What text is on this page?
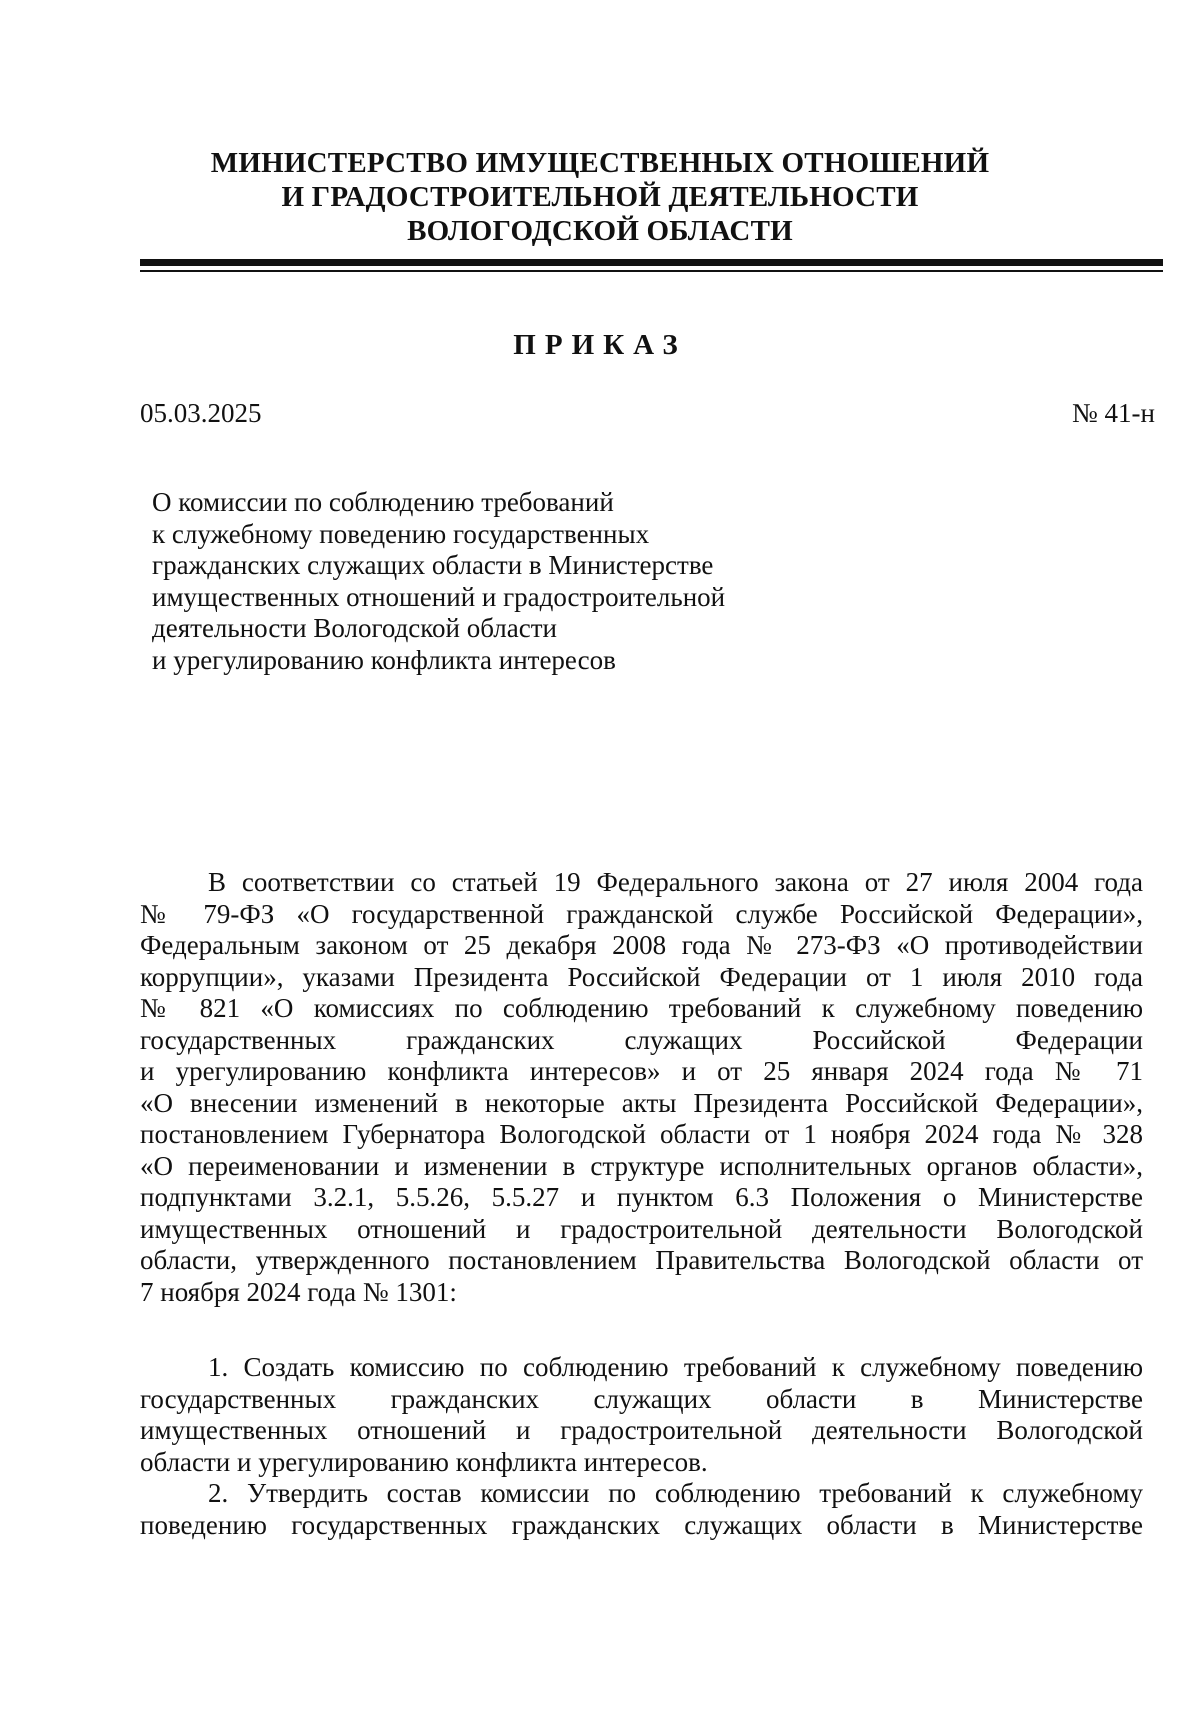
МИНИСТЕРСТВО ИМУЩЕСТВЕННЫХ ОТНОШЕНИЙ
И ГРАДОСТРОИТЕЛЬНОЙ ДЕЯТЕЛЬНОСТИ
ВОЛОГОДСКОЙ ОБЛАСТИ
ПРИКАЗ
05.03.2025	№ 41-н
О комиссии по соблюдению требований
к служебному поведению государственных
гражданских служащих области в Министерстве
имущественных отношений и градостроительной
деятельности Вологодской области
и урегулированию конфликта интересов
В соответствии со статьей 19 Федерального закона от 27 июля 2004 года
№ 79-ФЗ «О государственной гражданской службе Российской Федерации»,
Федеральным законом от 25 декабря 2008 года № 273-ФЗ «О противодействии
коррупции», указами Президента Российской Федерации от 1 июля 2010 года
№ 821 «О комиссиях по соблюдению требований к служебному поведению
государственных гражданских служащих Российской Федерации
и урегулированию конфликта интересов» и от 25 января 2024 года № 71
«О внесении изменений в некоторые акты Президента Российской Федерации»,
постановлением Губернатора Вологодской области от 1 ноября 2024 года № 328
«О переименовании и изменении в структуре исполнительных органов области»,
подпунктами 3.2.1, 5.5.26, 5.5.27 и пунктом 6.3 Положения о Министерстве
имущественных отношений и градостроительной деятельности Вологодской
области, утвержденного постановлением Правительства Вологодской области от
7 ноября 2024 года № 1301:
1. Создать комиссию по соблюдению требований к служебному поведению
государственных гражданских служащих области в Министерстве
имущественных отношений и градостроительной деятельности Вологодской
области и урегулированию конфликта интересов.
2. Утвердить состав комиссии по соблюдению требований к служебному
поведению государственных гражданских служащих области в Министерстве
